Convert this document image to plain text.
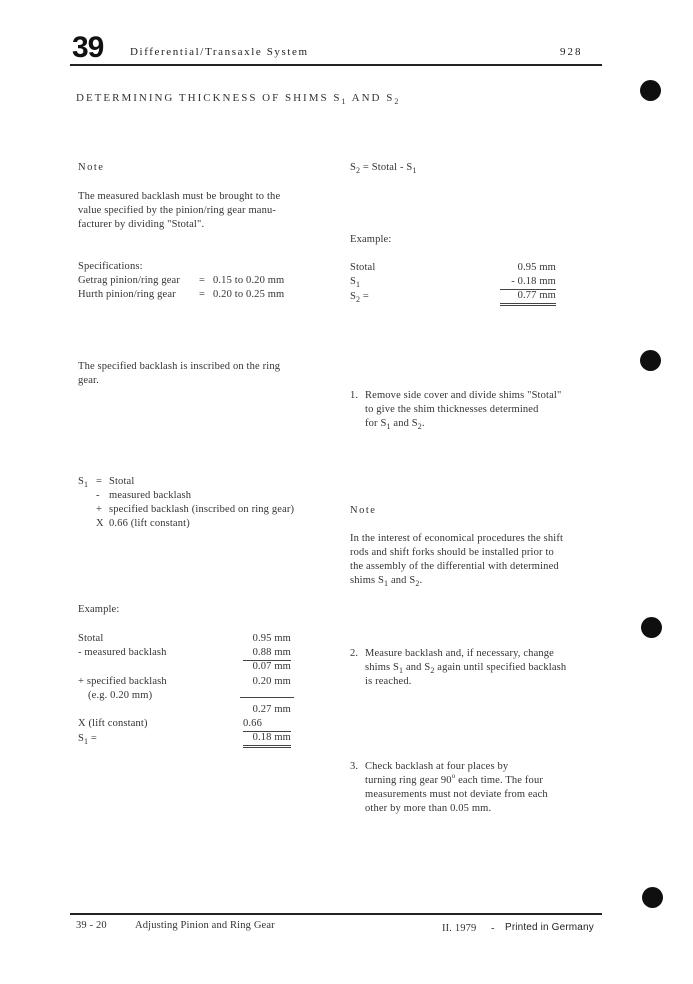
39 Differential/Transaxle System	928
DETERMINING THICKNESS OF SHIMS $S_1$ AND $S_2$
Note
The measured backlash must be brought to the
value specified by the pinion/ring gear manu-
facturer by dividing "Stotal".
Specifications:
Getrag pinion/ring gear = 0.15 to 0.20 mm
Hurth pinion/ring gear = 0.20 to 0.25 mm
The specified backlash is inscribed on the ring
gear.
$S_1$ = Stotal
- measured backlash
+ specified backlash (inscribed on ring gear)
X 0.66 (lift constant)
Example:
Stotal	0.95 mm
- measured backlash	0.88 mm
0.07 mm
+ specified backlash	0.20 mm
(e.g. 0.20 mm)
0.27 mm
X (lift constant)	0.66
$S_1$ =	0.18 mm
$S_2$ = Stotal - $S_1$
Example:
Stotal	0.95 mm
$S_1$	- 0.18 mm
$S_2$ =	0.77 mm
1. Remove side cover and divide shims "Stotal"
to give the shim thicknesses determined
for $S_1$ and $S_2$.
Note
In the interest of economical procedures the shift
rods and shift forks should be installed prior to
the assembly of the differential with determined
shims $S_1$ and $S_2$.
2. Measure backlash and, if necessary, change
shims $S_1$ and $S_2$ again until specified backlash
is reached.
3. Check backlash at four places by
turning ring gear 90$^o$ each time. The four
measurements must not deviate from each
other by more than 0.05 mm.
39 - 20	Adjusting Pinion and Ring Gear	II. 1979 - Printed in Germany
